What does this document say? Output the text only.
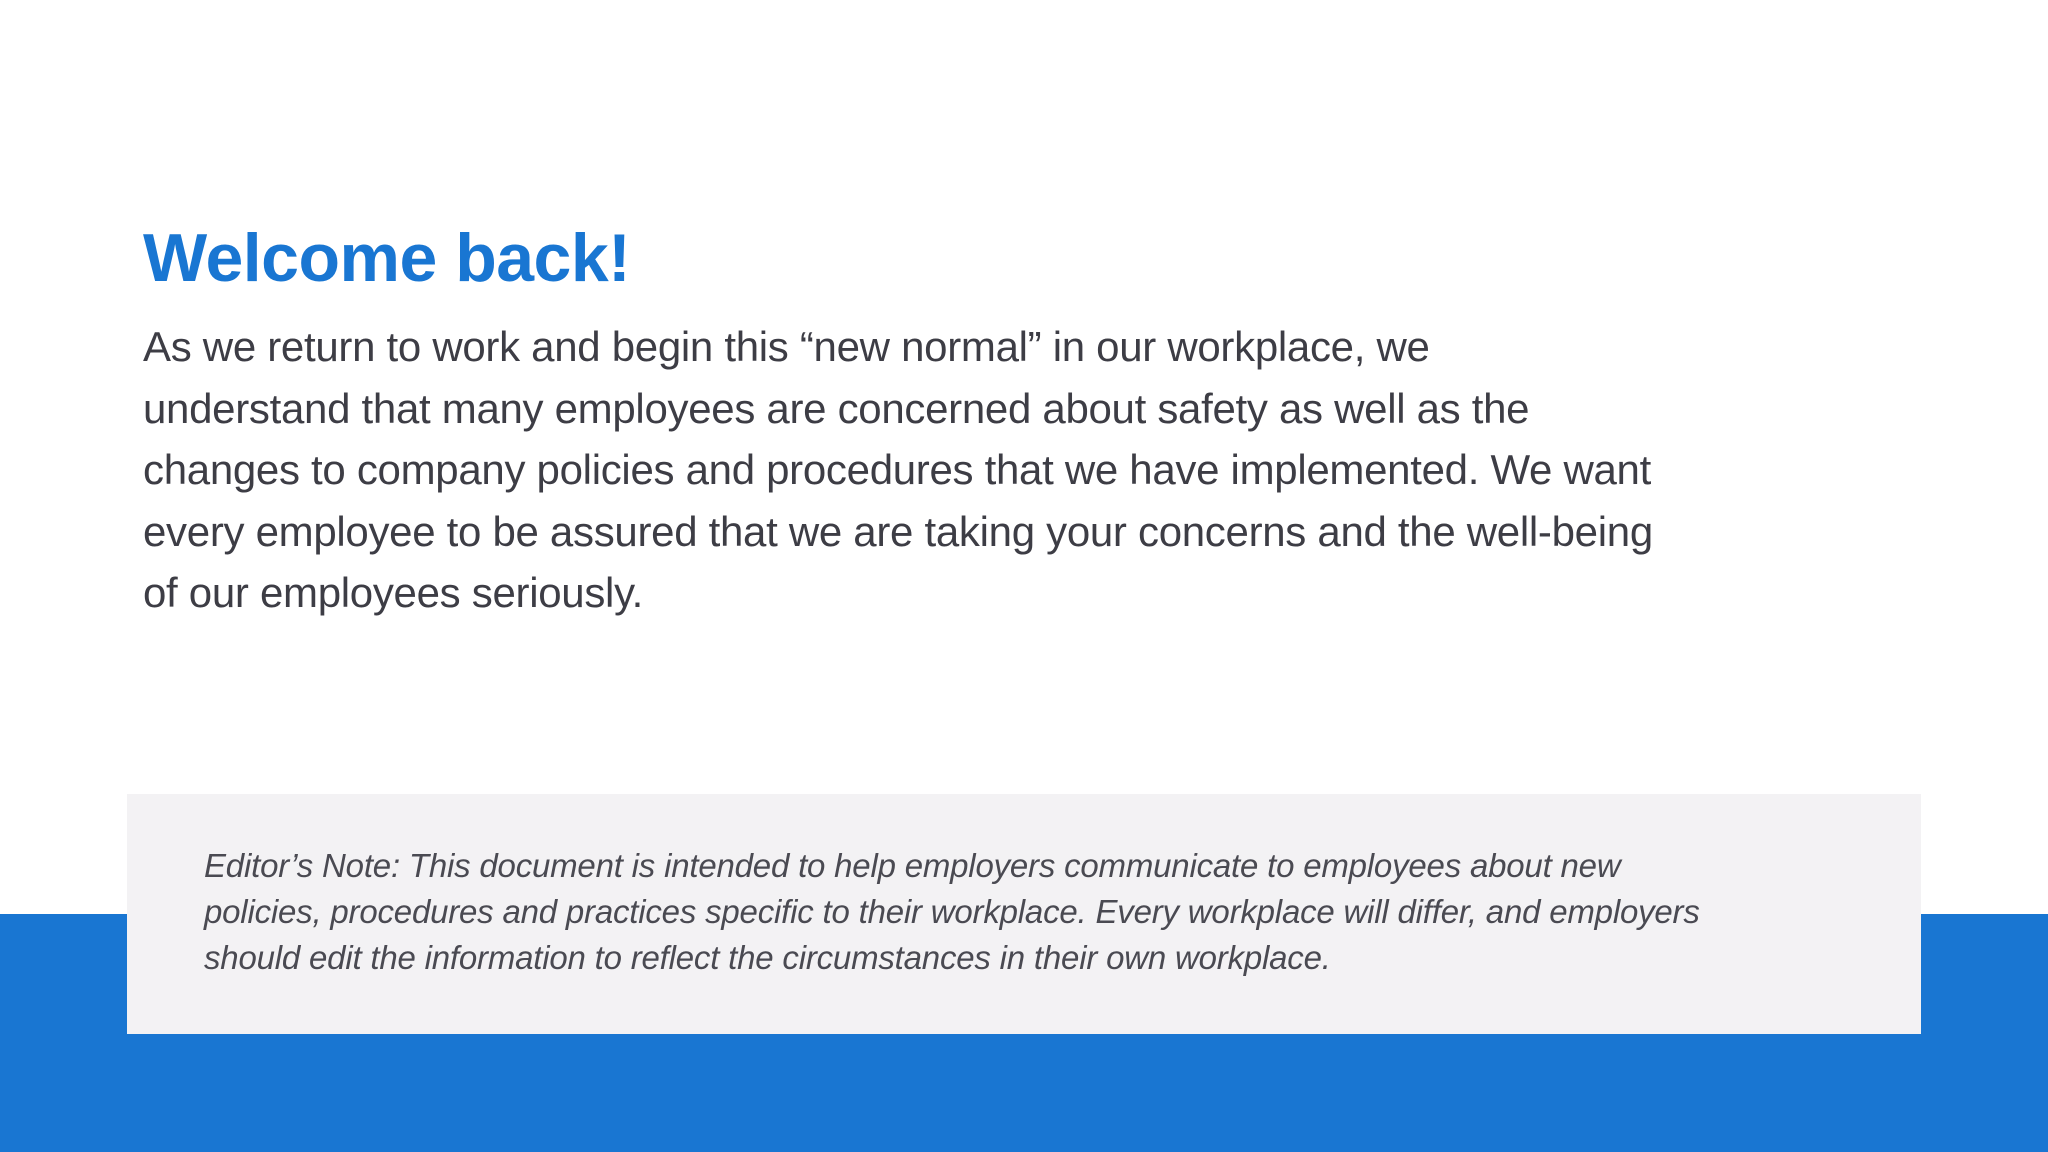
Welcome back!

As we return to work and begin this “new normal” in our workplace, we
understand that many employees are concerned about safety as well as the
changes to company policies and procedures that we have implemented. We want
every employee to be assured that we are taking your concerns and the well-being
of our employees seriously.

Editor’s Note: This document is intended to help employers communicate to employees about new
policies, procedures and practices specific to their workplace. Every workplace will differ, and employers
should edit the information to reflect the circumstances in their own workplace.
